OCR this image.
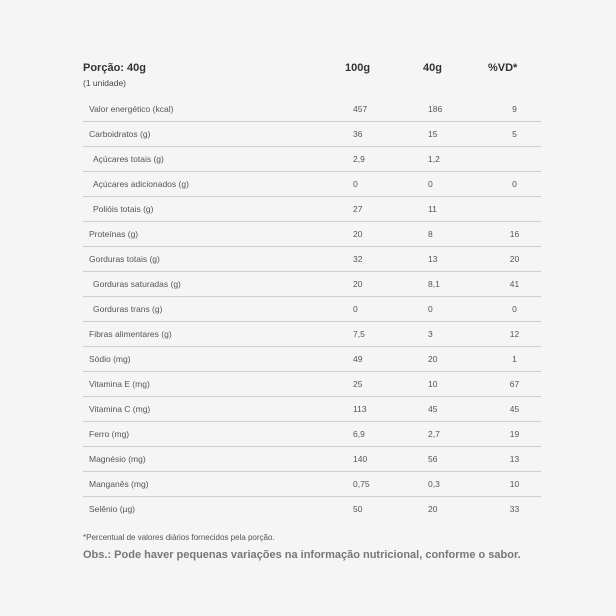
Porção: 40g
(1 unidade)
100g	40g	%VD*
Valor energético (kcal)	457	186	9
Carboidratos (g)	36	15	5
Açúcares totais (g)	2,9	1,2
Açúcares adicionados (g)	0	0	0
Polióis totais (g)	27	11
Proteínas (g)	20	8	16
Gorduras totais (g)	32	13	20
Gorduras saturadas (g)	20	8,1	41
Gorduras trans (g)	0	0	0
Fibras alimentares (g)	7,5	3	12
Sódio (mg)	49	20	1
Vitamina E (mg)	25	10	67
Vitamina C (mg)	113	45	45
Ferro (mg)	6,9	2,7	19
Magnésio (mg)	140	56	13
Manganês (mg)	0,75	0,3	10
Selênio (µg)	50	20	33
*Percentual de valores diários fornecidos pela porção.
Obs.: Pode haver pequenas variações na informação nutricional, conforme o sabor.
